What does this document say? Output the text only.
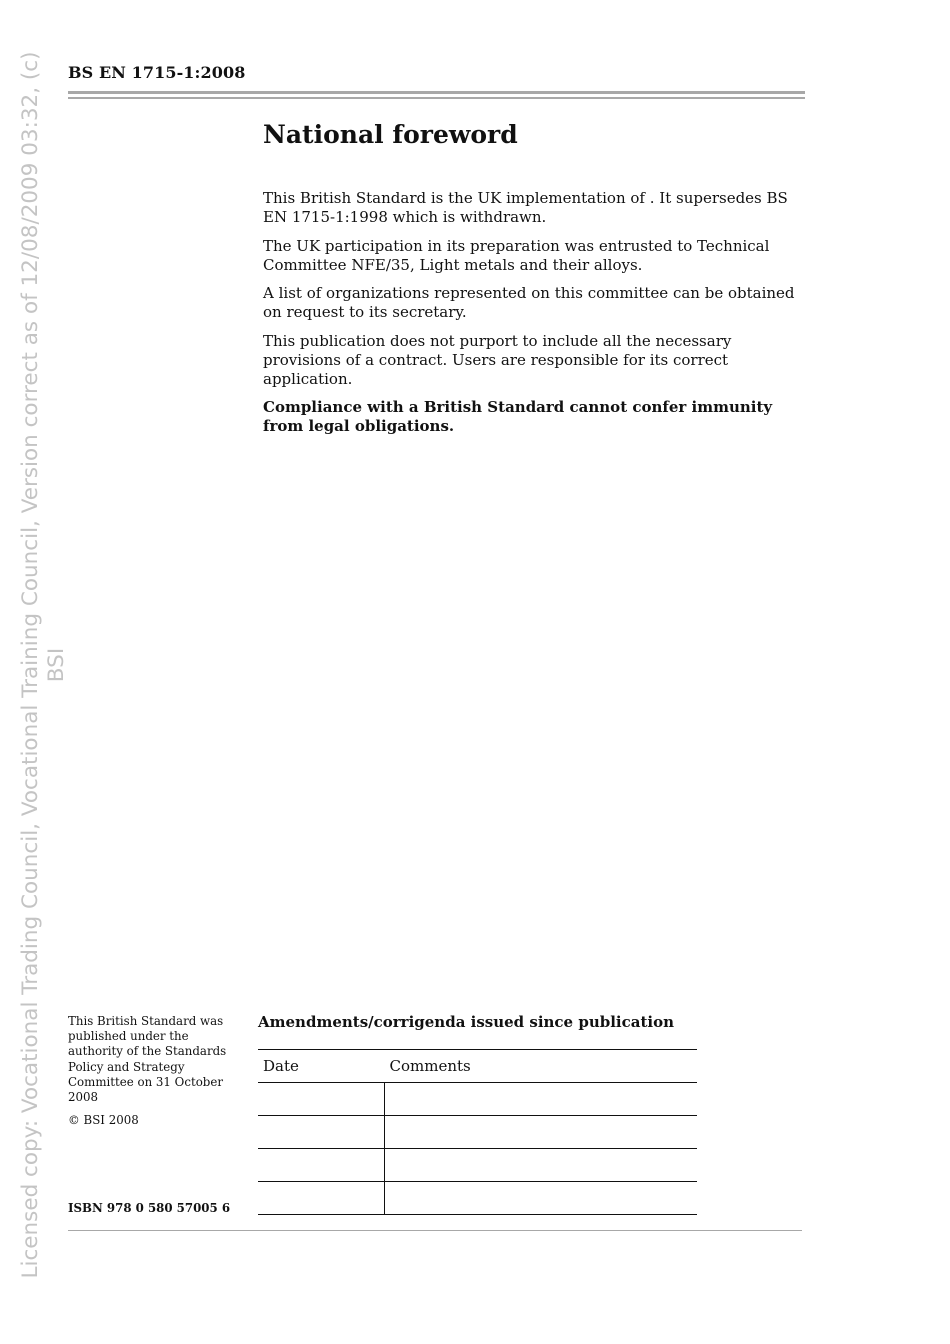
Licensed copy: Vocational Trading Council, Vocational Training Council, Version correct as of 12/08/2009 03:32, (c) BSI
BS EN 1715-1:2008
National foreword

This British Standard is the UK implementation of . It supersedes BS EN 1715-1:1998 which is withdrawn.

The UK participation in its preparation was entrusted to Technical Committee NFE/35, Light metals and their alloys.

A list of organizations represented on this committee can be obtained on request to its secretary.

This publication does not purport to include all the necessary provisions of a contract. Users are responsible for its correct application.

Compliance with a British Standard cannot confer immunity from legal obligations.

This British Standard was published under the authority of the Standards Policy and Strategy Committee on 31 October 2008

© BSI 2008

ISBN 978 0 580 57005 6
Amendments/corrigenda issued since publication
Date	Comments
